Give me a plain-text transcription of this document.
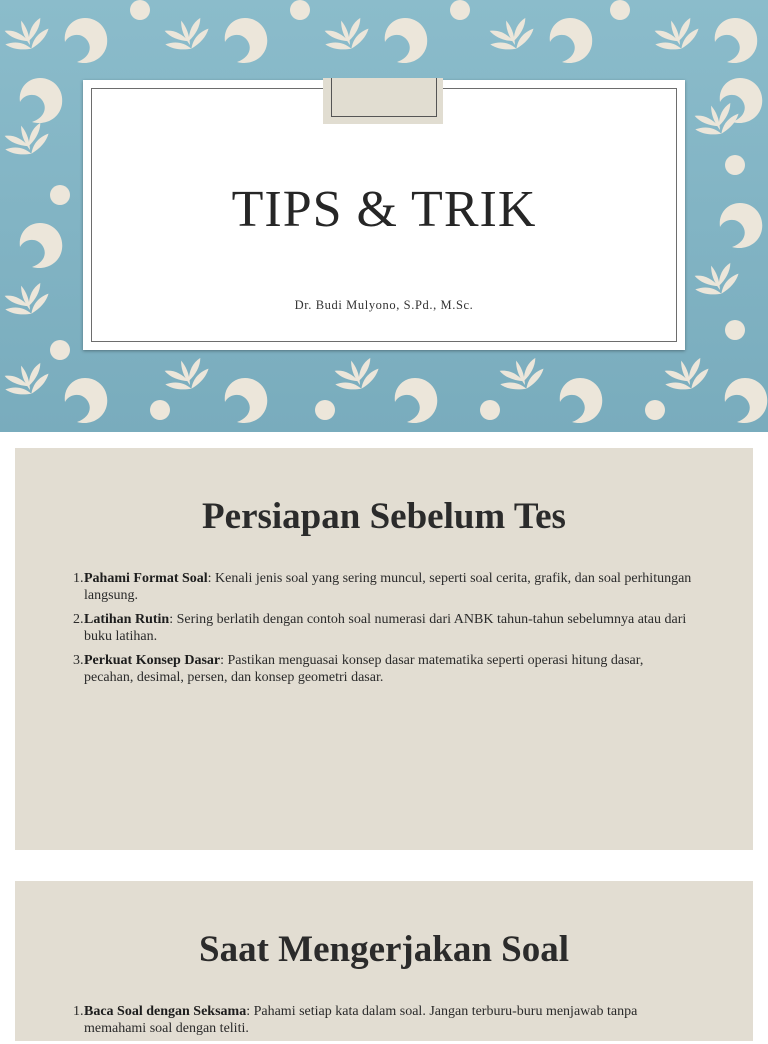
TIPS & TRIK
Dr. Budi Mulyono, S.Pd., M.Sc.
Persiapan Sebelum Tes
1. Pahami Format Soal: Kenali jenis soal yang sering muncul, seperti soal cerita, grafik, dan soal perhitungan langsung.
2. Latihan Rutin: Sering berlatih dengan contoh soal numerasi dari ANBK tahun-tahun sebelumnya atau dari buku latihan.
3. Perkuat Konsep Dasar: Pastikan menguasai konsep dasar matematika seperti operasi hitung dasar, pecahan, desimal, persen, dan konsep geometri dasar.
Saat Mengerjakan Soal
1. Baca Soal dengan Seksama: Pahami setiap kata dalam soal. Jangan terburu-buru menjawab tanpa memahami soal dengan teliti.
